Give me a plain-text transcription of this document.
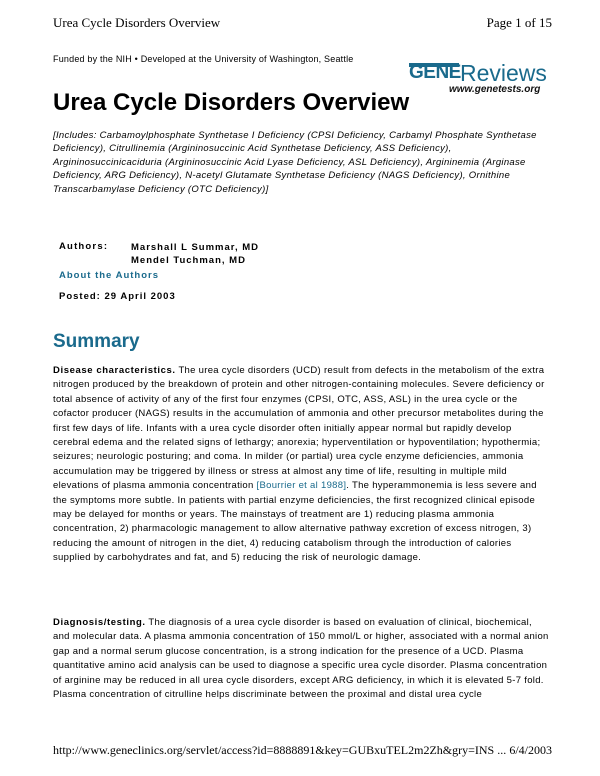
Urea Cycle Disorders Overview	Page 1 of 15
Funded by the NIH • Developed at the University of Washington, Seattle
GENE Reviews
www.genetests.org
Urea Cycle Disorders Overview
[Includes: Carbamoylphosphate Synthetase I Deficiency (CPSI Deficiency, Carbamyl Phosphate Synthetase Deficiency), Citrullinemia (Argininosuccinic Acid Synthetase Deficiency, ASS Deficiency), Argininosuccinicaciduria (Argininosuccinic Acid Lyase Deficiency, ASL Deficiency), Argininemia (Arginase Deficiency, ARG Deficiency), N-acetyl Glutamate Synthetase Deficiency (NAGS Deficiency), Ornithine Transcarbamylase Deficiency (OTC Deficiency)]
Authors: Marshall L Summar, MD
Mendel Tuchman, MD
About the Authors
Posted: 29 April 2003
Summary
Disease characteristics. The urea cycle disorders (UCD) result from defects in the metabolism of the extra nitrogen produced by the breakdown of protein and other nitrogen-containing molecules. Severe deficiency or total absence of activity of any of the first four enzymes (CPSI, OTC, ASS, ASL) in the urea cycle or the cofactor producer (NAGS) results in the accumulation of ammonia and other precursor metabolites during the first few days of life. Infants with a urea cycle disorder often initially appear normal but rapidly develop cerebral edema and the related signs of lethargy; anorexia; hyperventilation or hypoventilation; hypothermia; seizures; neurologic posturing; and coma. In milder (or partial) urea cycle enzyme deficiencies, ammonia accumulation may be triggered by illness or stress at almost any time of life, resulting in multiple mild elevations of plasma ammonia concentration [Bourrier et al 1988]. The hyperammonemia is less severe and the symptoms more subtle. In patients with partial enzyme deficiencies, the first recognized clinical episode may be delayed for months or years. The mainstays of treatment are 1) reducing plasma ammonia concentration, 2) pharmacologic management to allow alternative pathway excretion of excess nitrogen, 3) reducing the amount of nitrogen in the diet, 4) reducing catabolism through the introduction of calories supplied by carbohydrates and fat, and 5) reducing the risk of neurologic damage.
Diagnosis/testing. The diagnosis of a urea cycle disorder is based on evaluation of clinical, biochemical, and molecular data. A plasma ammonia concentration of 150 mmol/L or higher, associated with a normal anion gap and a normal serum glucose concentration, is a strong indication for the presence of a UCD. Plasma quantitative amino acid analysis can be used to diagnose a specific urea cycle disorder. Plasma concentration of arginine may be reduced in all urea cycle disorders, except ARG deficiency, in which it is elevated 5-7 fold. Plasma concentration of citrulline helps discriminate between the proximal and distal urea cycle
http://www.geneclinics.org/servlet/access?id=8888891&key=GUBxuTEL2m2Zh&gry=INS ... 6/4/2003
